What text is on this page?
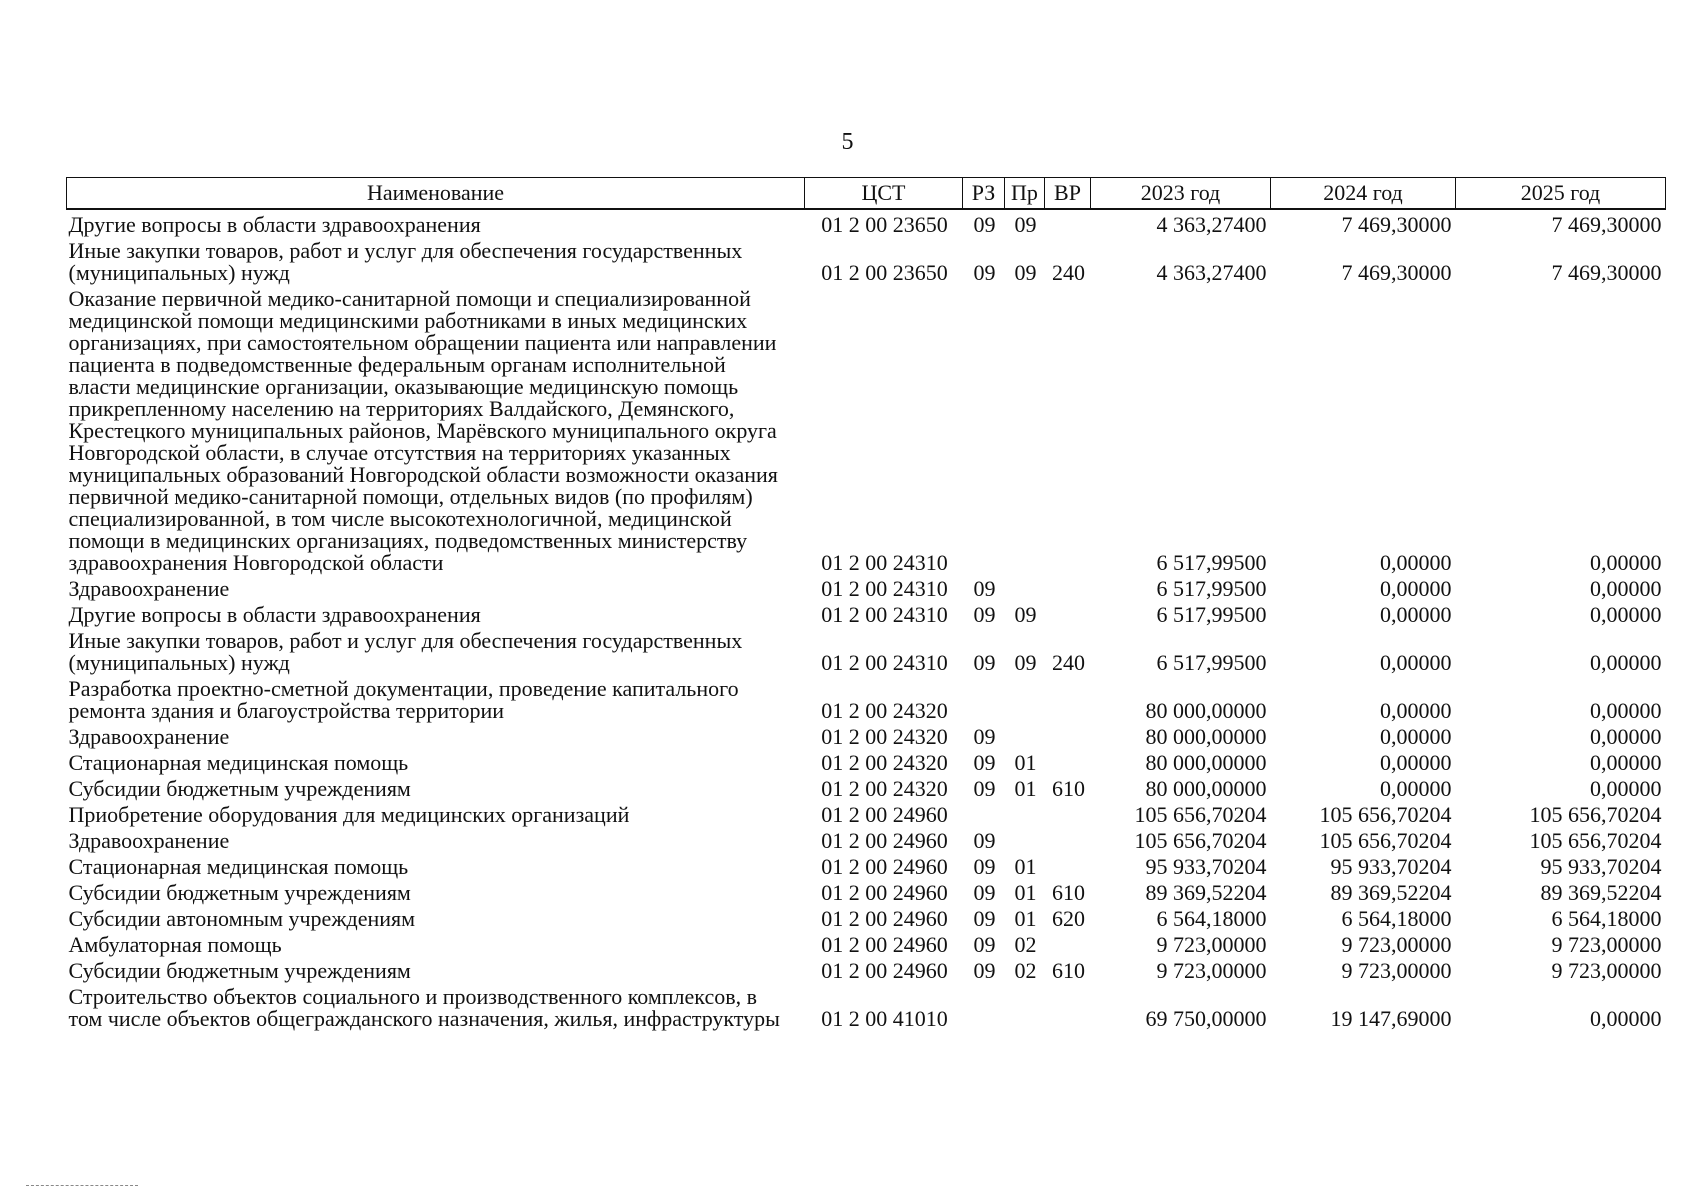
5
Наименование	ЦСТ	РЗ	Пр	ВР	2023 год	2024 год	2025 год
Другие вопросы в области здравоохранения	01 2 00 23650	09	09		4 363,27400	7 469,30000	7 469,30000
Иные закупки товаров, работ и услуг для обеспечения государственных (муниципальных) нужд	01 2 00 23650	09	09	240	4 363,27400	7 469,30000	7 469,30000
Оказание первичной медико-санитарной помощи и специализированной медицинской помощи медицинскими работниками в иных медицинских организациях, при самостоятельном обращении пациента или направлении пациента в подведомственные федеральным органам исполнительной власти медицинские организации, оказывающие медицинскую помощь прикрепленному населению на территориях Валдайского, Демянского, Крестецкого муниципальных районов, Марёвского муниципального округа Новгородской области, в случае отсутствия на территориях указанных муниципальных образований Новгородской области возможности оказания первичной медико-санитарной помощи, отдельных видов (по профилям) специализированной, в том числе высокотехнологичной, медицинской помощи в медицинских организациях, подведомственных министерству здравоохранения Новгородской области	01 2 00 24310				6 517,99500	0,00000	0,00000
Здравоохранение	01 2 00 24310	09			6 517,99500	0,00000	0,00000
Другие вопросы в области здравоохранения	01 2 00 24310	09	09		6 517,99500	0,00000	0,00000
Иные закупки товаров, работ и услуг для обеспечения государственных (муниципальных) нужд	01 2 00 24310	09	09	240	6 517,99500	0,00000	0,00000
Разработка проектно-сметной документации, проведение капитального ремонта здания и благоустройства территории	01 2 00 24320				80 000,00000	0,00000	0,00000
Здравоохранение	01 2 00 24320	09			80 000,00000	0,00000	0,00000
Стационарная медицинская помощь	01 2 00 24320	09	01		80 000,00000	0,00000	0,00000
Субсидии бюджетным учреждениям	01 2 00 24320	09	01	610	80 000,00000	0,00000	0,00000
Приобретение оборудования для медицинских организаций	01 2 00 24960				105 656,70204	105 656,70204	105 656,70204
Здравоохранение	01 2 00 24960	09			105 656,70204	105 656,70204	105 656,70204
Стационарная медицинская помощь	01 2 00 24960	09	01		95 933,70204	95 933,70204	95 933,70204
Субсидии бюджетным учреждениям	01 2 00 24960	09	01	610	89 369,52204	89 369,52204	89 369,52204
Субсидии автономным учреждениям	01 2 00 24960	09	01	620	6 564,18000	6 564,18000	6 564,18000
Амбулаторная помощь	01 2 00 24960	09	02		9 723,00000	9 723,00000	9 723,00000
Субсидии бюджетным учреждениям	01 2 00 24960	09	02	610	9 723,00000	9 723,00000	9 723,00000
Строительство объектов социального и производственного комплексов, в том числе объектов общегражданского назначения, жилья, инфраструктуры	01 2 00 41010				69 750,00000	19 147,69000	0,00000
